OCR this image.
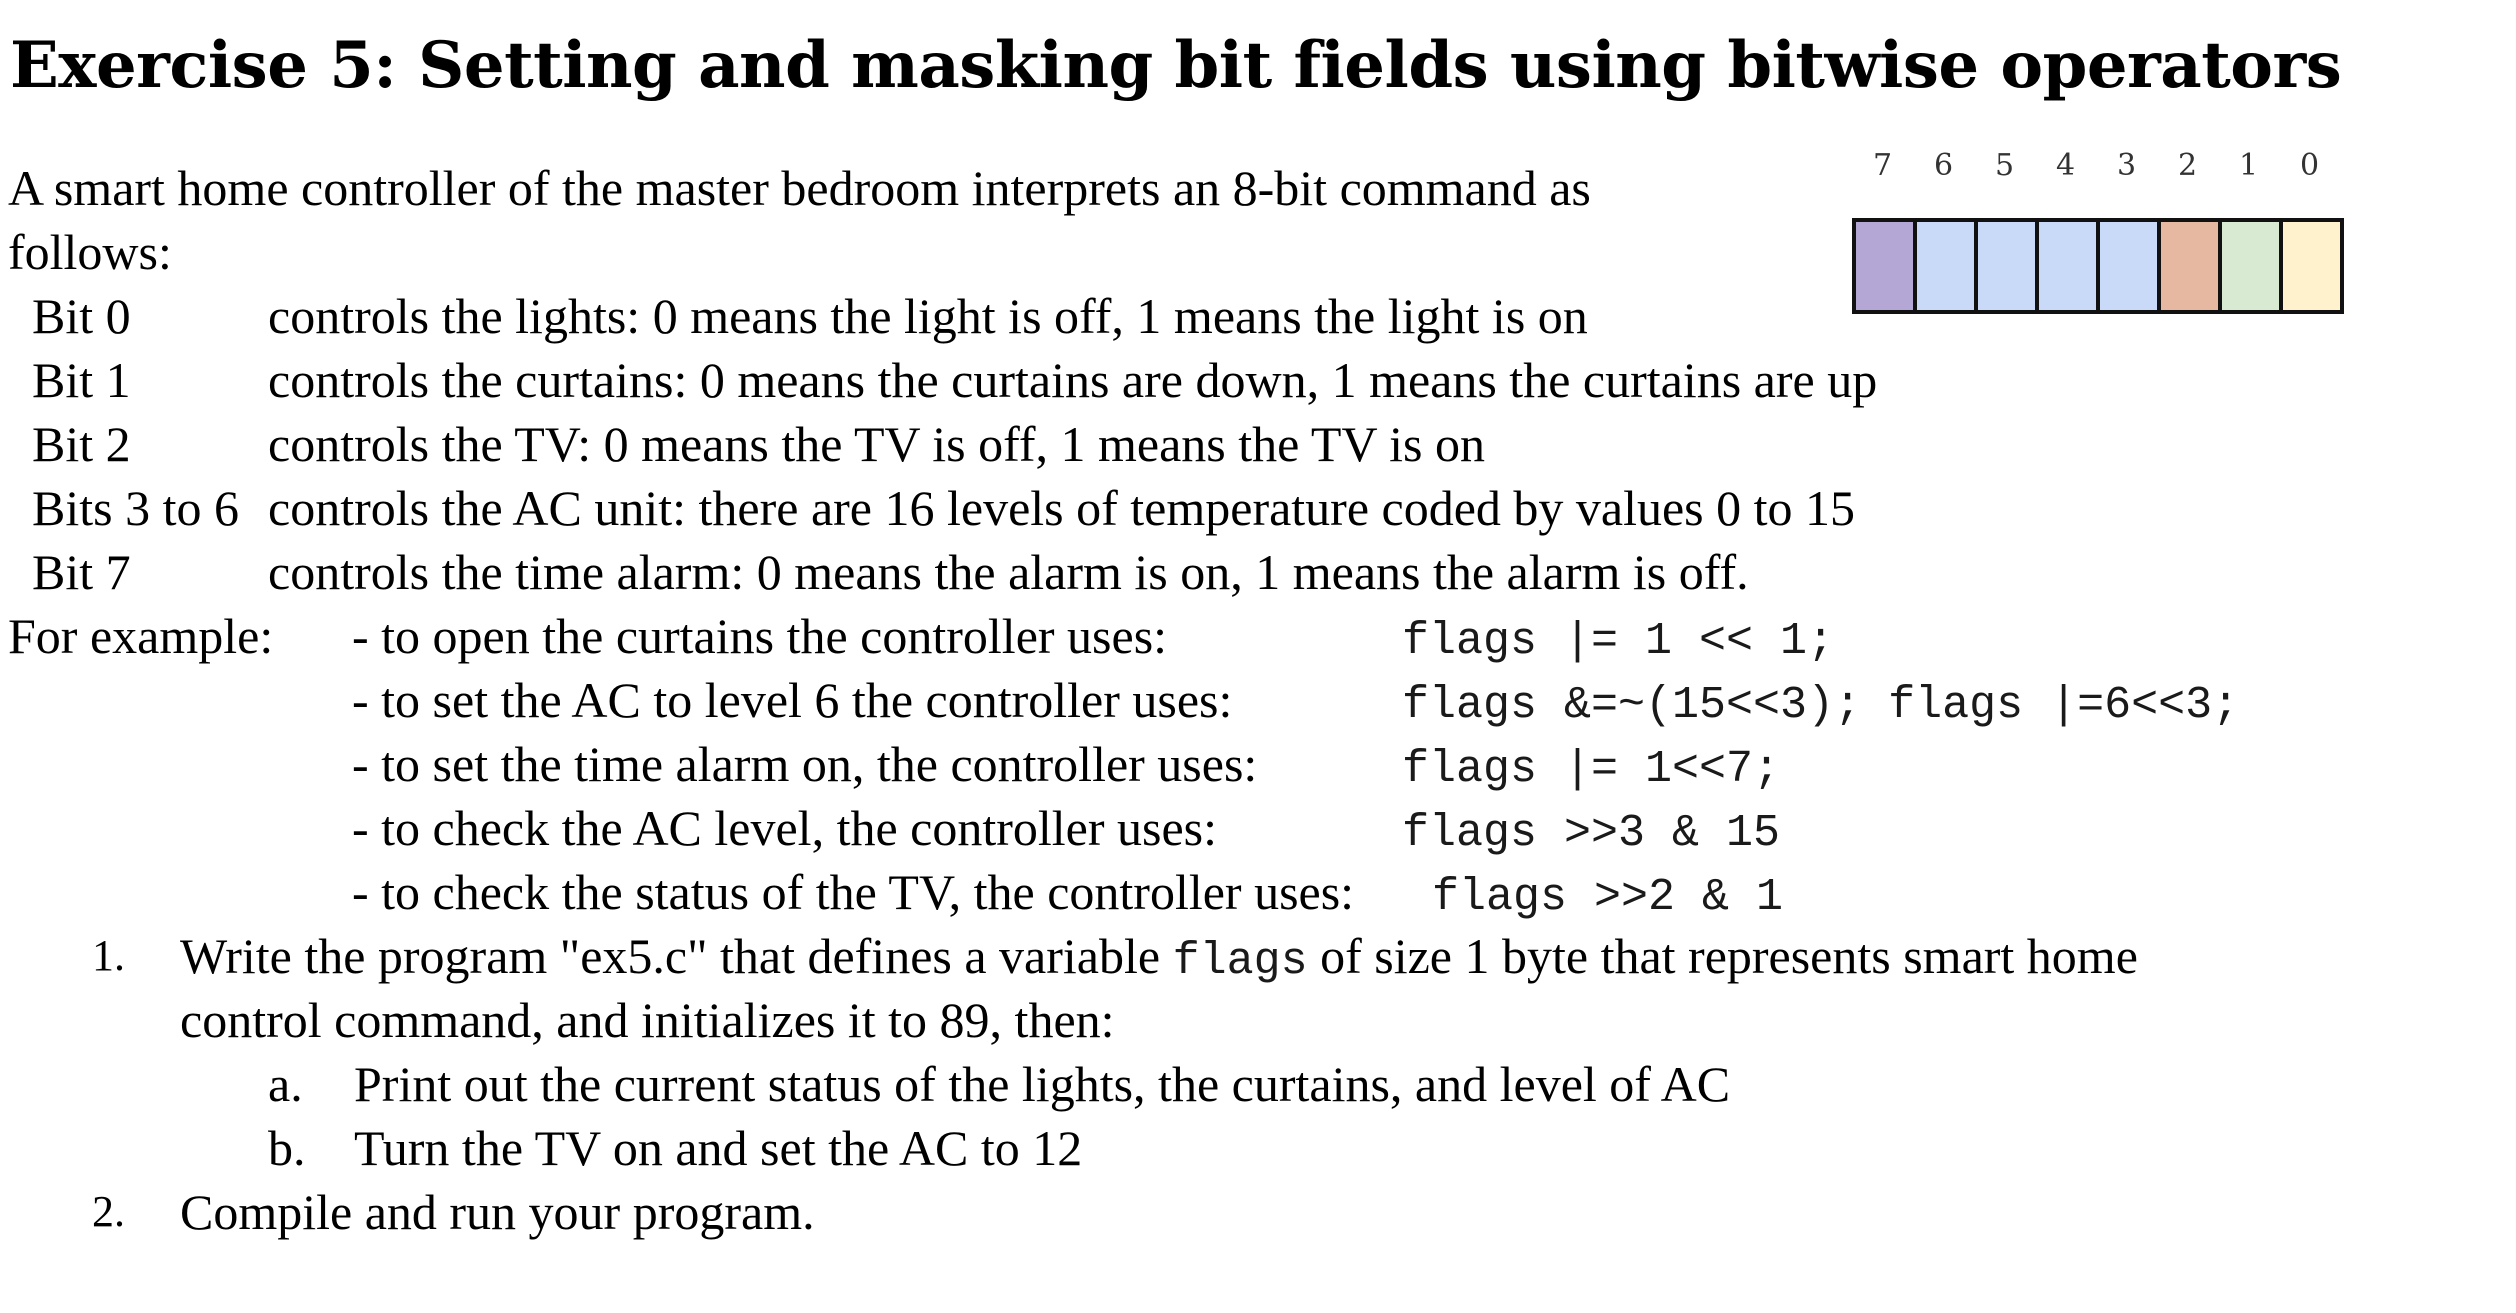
Exercise 5: Setting and masking bit fields using bitwise operators
A smart home controller of the master bedroom interprets an 8-bit command as
follows:
7	6	5	4	3	2	1	0
Bit 0	controls the lights: 0 means the light is off, 1 means the light is on
Bit 1	controls the curtains: 0 means the curtains are down, 1 means the curtains are up
Bit 2	controls the TV: 0 means the TV is off, 1 means the TV is on
Bits 3 to 6 controls the AC unit: there are 16 levels of temperature coded by values 0 to 15
Bit 7	controls the time alarm: 0 means the alarm is on, 1 means the alarm is off.
For example: - to open the curtains the controller uses:	flags |= 1 << 1;
- to set the AC to level 6 the controller uses:	flags &=~(15<<3); flags |=6<<3;
- to set the time alarm on, the controller uses:	flags |= 1<<7;
- to check the AC level, the controller uses:	flags >>3 & 15
- to check the status of the TV, the controller uses: flags >>2 & 1
1. Write the program "ex5.c" that defines a variable flags of size 1 byte that represents smart home
control command, and initializes it to 89, then:
a. Print out the current status of the lights, the curtains, and level of AC
b. Turn the TV on and set the AC to 12
2. Compile and run your program.
